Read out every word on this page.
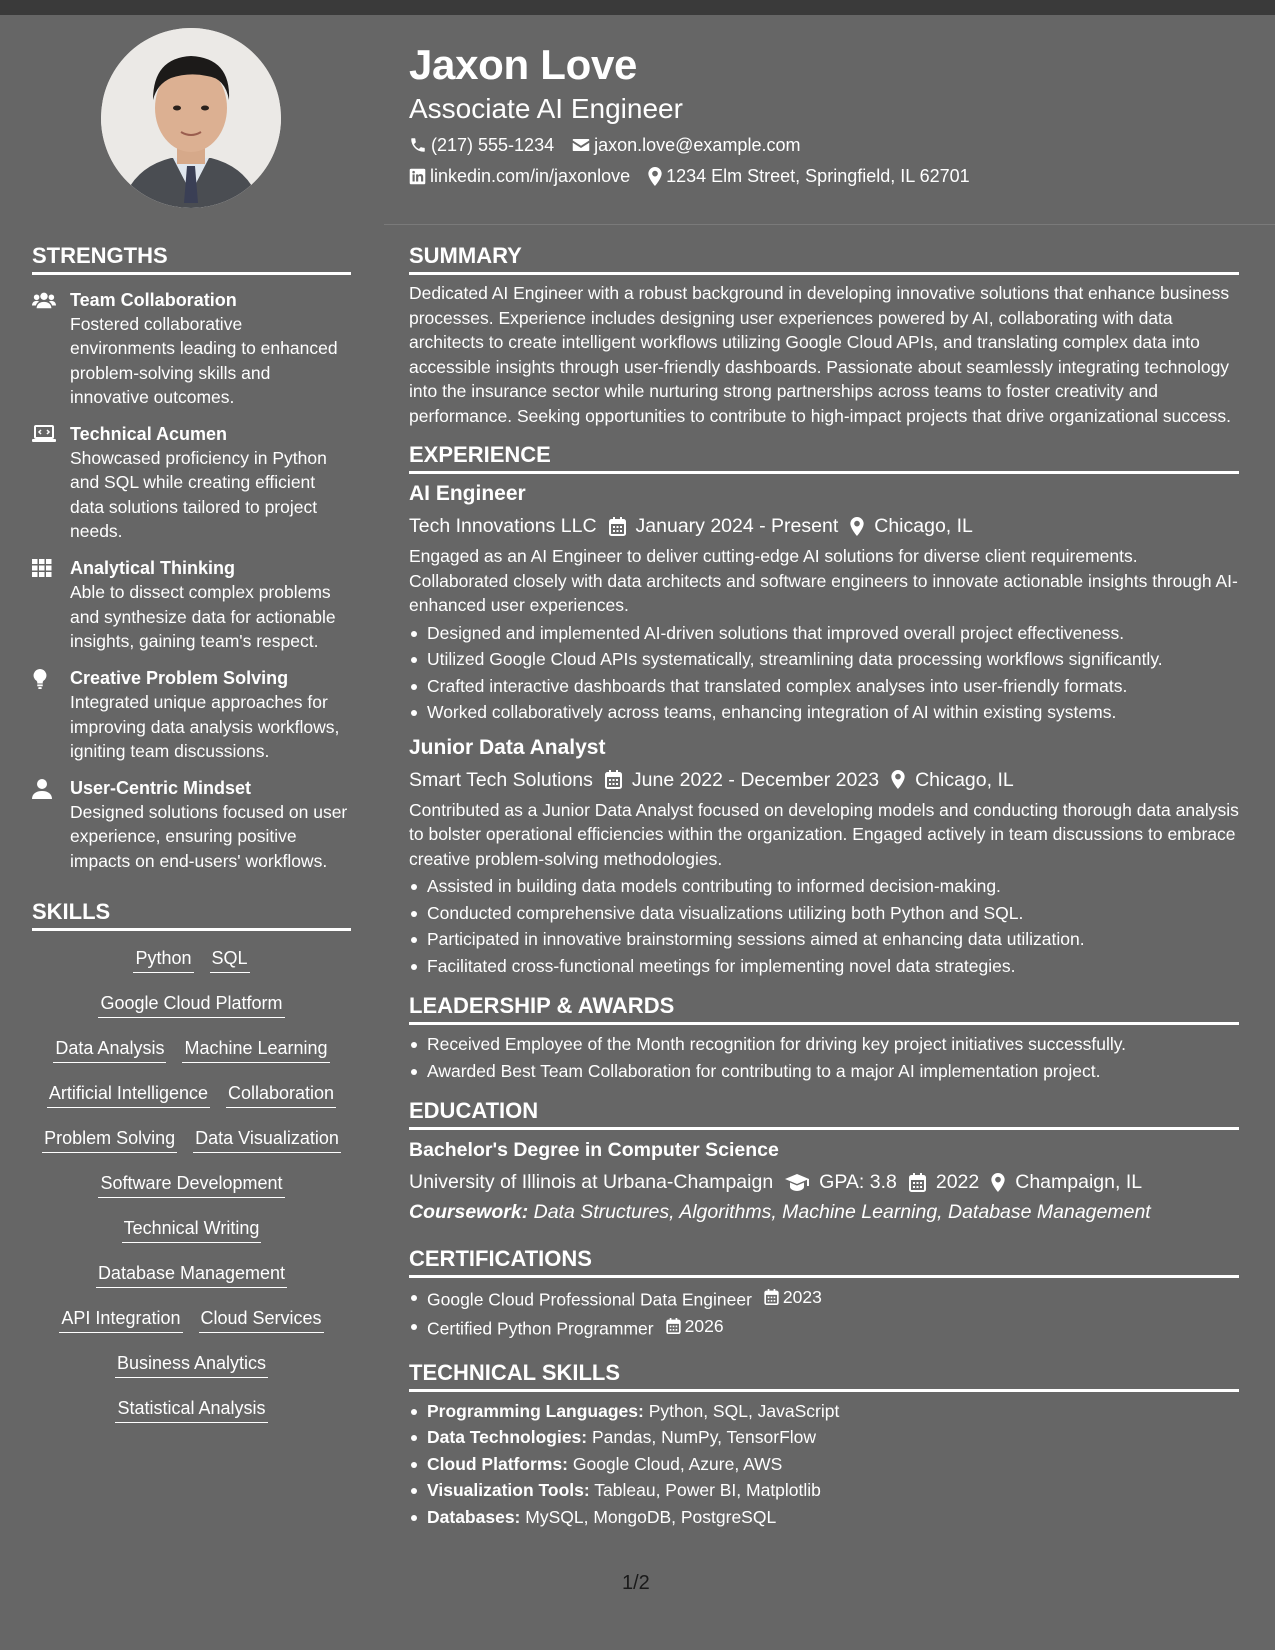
Jaxon Love
Associate AI Engineer
(217) 555-1234 jaxon.love@example.com
linkedin.com/in/jaxonlove 1234 Elm Street, Springfield, IL 62701
STRENGTHS
Team Collaboration
Fostered collaborative environments leading to enhanced problem-solving skills and innovative outcomes.
Technical Acumen
Showcased proficiency in Python and SQL while creating efficient data solutions tailored to project needs.
Analytical Thinking
Able to dissect complex problems and synthesize data for actionable insights, gaining team's respect.
Creative Problem Solving
Integrated unique approaches for improving data analysis workflows, igniting team discussions.
User-Centric Mindset
Designed solutions focused on user experience, ensuring positive impacts on end-users' workflows.
SKILLS
Python SQL
Google Cloud Platform
Data Analysis Machine Learning
Artificial Intelligence Collaboration
Problem Solving Data Visualization
Software Development
Technical Writing
Database Management
API Integration Cloud Services
Business Analytics
Statistical Analysis
SUMMARY
Dedicated AI Engineer with a robust background in developing innovative solutions that enhance business processes. Experience includes designing user experiences powered by AI, collaborating with data architects to create intelligent workflows utilizing Google Cloud APIs, and translating complex data into accessible insights through user-friendly dashboards. Passionate about seamlessly integrating technology into the insurance sector while nurturing strong partnerships across teams to foster creativity and performance. Seeking opportunities to contribute to high-impact projects that drive organizational success.
EXPERIENCE
AI Engineer
Tech Innovations LLC January 2024 - Present Chicago, IL
Engaged as an AI Engineer to deliver cutting-edge AI solutions for diverse client requirements. Collaborated closely with data architects and software engineers to innovate actionable insights through AI-enhanced user experiences.
Designed and implemented AI-driven solutions that improved overall project effectiveness.
Utilized Google Cloud APIs systematically, streamlining data processing workflows significantly.
Crafted interactive dashboards that translated complex analyses into user-friendly formats.
Worked collaboratively across teams, enhancing integration of AI within existing systems.
Junior Data Analyst
Smart Tech Solutions June 2022 - December 2023 Chicago, IL
Contributed as a Junior Data Analyst focused on developing models and conducting thorough data analysis to bolster operational efficiencies within the organization. Engaged actively in team discussions to embrace creative problem-solving methodologies.
Assisted in building data models contributing to informed decision-making.
Conducted comprehensive data visualizations utilizing both Python and SQL.
Participated in innovative brainstorming sessions aimed at enhancing data utilization.
Facilitated cross-functional meetings for implementing novel data strategies.
LEADERSHIP & AWARDS
Received Employee of the Month recognition for driving key project initiatives successfully.
Awarded Best Team Collaboration for contributing to a major AI implementation project.
EDUCATION
Bachelor's Degree in Computer Science
University of Illinois at Urbana-Champaign GPA: 3.8 2022 Champaign, IL
Coursework: Data Structures, Algorithms, Machine Learning, Database Management
CERTIFICATIONS
Google Cloud Professional Data Engineer 2023
Certified Python Programmer 2026
TECHNICAL SKILLS
Programming Languages: Python, SQL, JavaScript
Data Technologies: Pandas, NumPy, TensorFlow
Cloud Platforms: Google Cloud, Azure, AWS
Visualization Tools: Tableau, Power BI, Matplotlib
Databases: MySQL, MongoDB, PostgreSQL
1/2
